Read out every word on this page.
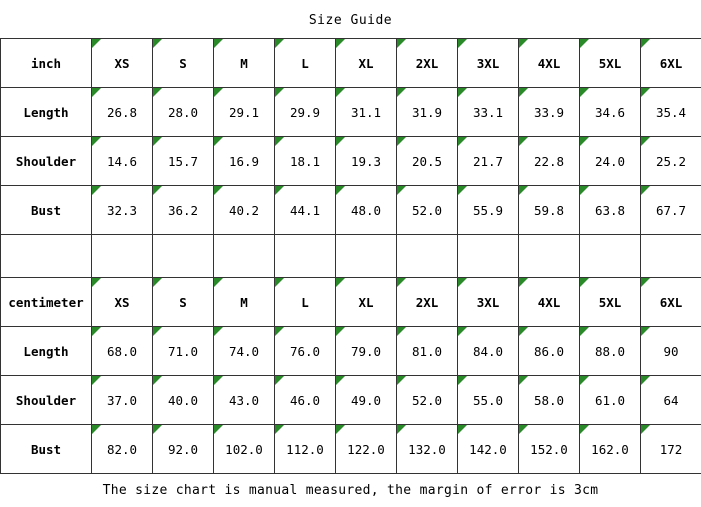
Size Guide
inch	XS	S	M	L	XL	2XL	3XL	4XL	5XL	6XL
Length	26.8	28.0	29.1	29.9	31.1	31.9	33.1	33.9	34.6	35.4
Shoulder	14.6	15.7	16.9	18.1	19.3	20.5	21.7	22.8	24.0	25.2
Bust	32.3	36.2	40.2	44.1	48.0	52.0	55.9	59.8	63.8	67.7

centimeter	XS	S	M	L	XL	2XL	3XL	4XL	5XL	6XL
Length	68.0	71.0	74.0	76.0	79.0	81.0	84.0	86.0	88.0	90
Shoulder	37.0	40.0	43.0	46.0	49.0	52.0	55.0	58.0	61.0	64
Bust	82.0	92.0	102.0	112.0	122.0	132.0	142.0	152.0	162.0	172
The size chart is manual measured, the margin of error is 3cm
